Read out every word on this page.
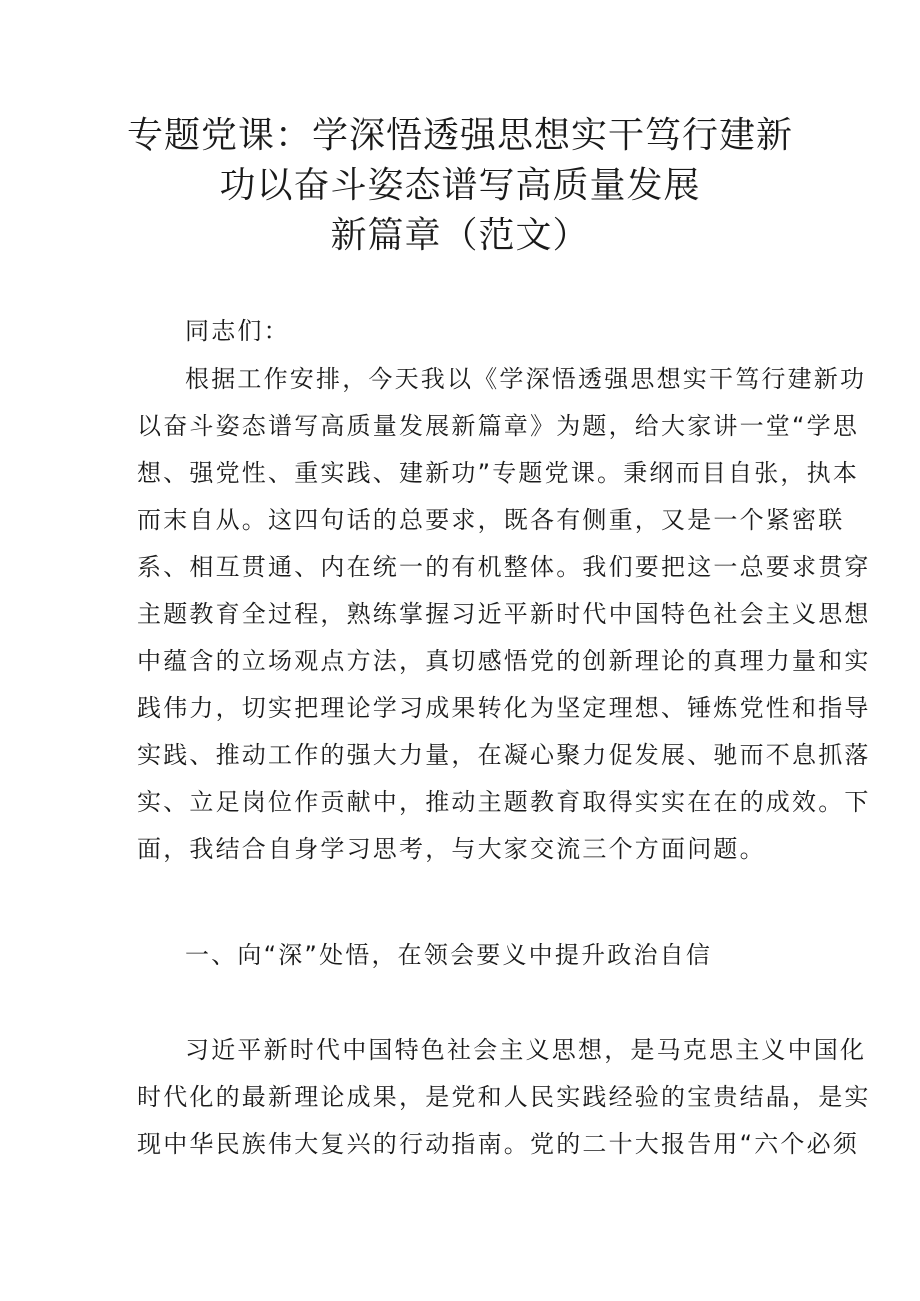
专题党课：学深悟透强思想实干笃行建新
功以奋斗姿态谱写高质量发展
新篇章（范文）

同志们：

根据工作安排，今天我以《学深悟透强思想实干笃行建新功

以奋斗姿态谱写高质量发展新篇章》为题，给大家讲一堂“学思

想、强党性、重实践、建新功”专题党课。秉纲而目自张，执本

而末自从。这四句话的总要求，既各有侧重，又是一个紧密联

系、相互贯通、内在统一的有机整体。我们要把这一总要求贯穿

主题教育全过程，熟练掌握习近平新时代中国特色社会主义思想

中蕴含的立场观点方法，真切感悟党的创新理论的真理力量和实

践伟力，切实把理论学习成果转化为坚定理想、锤炼党性和指导

实践、推动工作的强大力量，在凝心聚力促发展、驰而不息抓落

实、立足岗位作贡献中，推动主题教育取得实实在在的成效。下

面，我结合自身学习思考，与大家交流三个方面问题。

一、向“深”处悟，在领会要义中提升政治自信

习近平新时代中国特色社会主义思想，是马克思主义中国化

时代化的最新理论成果，是党和人民实践经验的宝贵结晶，是实

现中华民族伟大复兴的行动指南。党的二十大报告用“六个必须
